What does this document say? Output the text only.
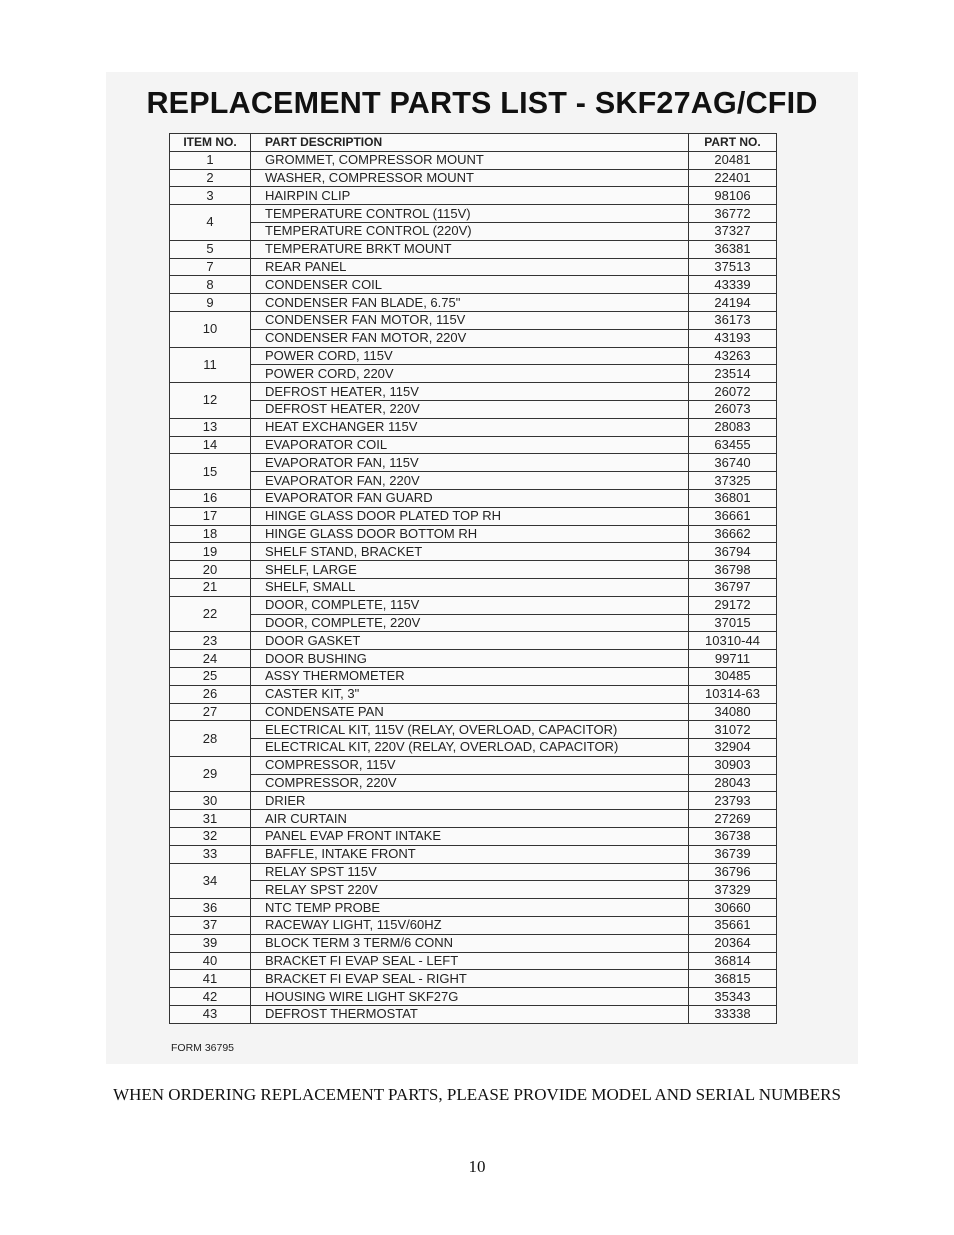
REPLACEMENT PARTS LIST - SKF27AG/CFID
ITEM NO.	PART DESCRIPTION	PART NO.
1	GROMMET, COMPRESSOR MOUNT	20481
2	WASHER, COMPRESSOR MOUNT	22401
3	HAIRPIN CLIP	98106
4	TEMPERATURE CONTROL (115V)	36772
	TEMPERATURE CONTROL (220V)	37327
5	TEMPERATURE BRKT MOUNT	36381
7	REAR PANEL	37513
8	CONDENSER COIL	43339
9	CONDENSER FAN BLADE, 6.75"	24194
10	CONDENSER FAN MOTOR, 115V	36173
	CONDENSER FAN MOTOR, 220V	43193
11	POWER CORD, 115V	43263
	POWER CORD, 220V	23514
12	DEFROST HEATER, 115V	26072
	DEFROST HEATER, 220V	26073
13	HEAT EXCHANGER 115V	28083
14	EVAPORATOR COIL	63455
15	EVAPORATOR FAN, 115V	36740
	EVAPORATOR FAN, 220V	37325
16	EVAPORATOR FAN GUARD	36801
17	HINGE GLASS DOOR PLATED TOP RH	36661
18	HINGE GLASS DOOR BOTTOM RH	36662
19	SHELF STAND, BRACKET	36794
20	SHELF, LARGE	36798
21	SHELF, SMALL	36797
22	DOOR, COMPLETE, 115V	29172
	DOOR, COMPLETE, 220V	37015
23	DOOR GASKET	10310-44
24	DOOR BUSHING	99711
25	ASSY THERMOMETER	30485
26	CASTER KIT, 3"	10314-63
27	CONDENSATE PAN	34080
28	ELECTRICAL KIT, 115V (RELAY, OVERLOAD, CAPACITOR)	31072
	ELECTRICAL KIT, 220V (RELAY, OVERLOAD, CAPACITOR)	32904
29	COMPRESSOR, 115V	30903
	COMPRESSOR, 220V	28043
30	DRIER	23793
31	AIR CURTAIN	27269
32	PANEL EVAP FRONT INTAKE	36738
33	BAFFLE, INTAKE FRONT	36739
34	RELAY SPST 115V	36796
	RELAY SPST 220V	37329
36	NTC TEMP PROBE	30660
37	RACEWAY LIGHT, 115V/60HZ	35661
39	BLOCK TERM 3 TERM/6 CONN	20364
40	BRACKET FI EVAP SEAL - LEFT	36814
41	BRACKET FI EVAP SEAL - RIGHT	36815
42	HOUSING WIRE LIGHT SKF27G	35343
43	DEFROST THERMOSTAT	33338
FORM 36795
WHEN ORDERING REPLACEMENT PARTS, PLEASE PROVIDE MODEL AND SERIAL NUMBERS
10
